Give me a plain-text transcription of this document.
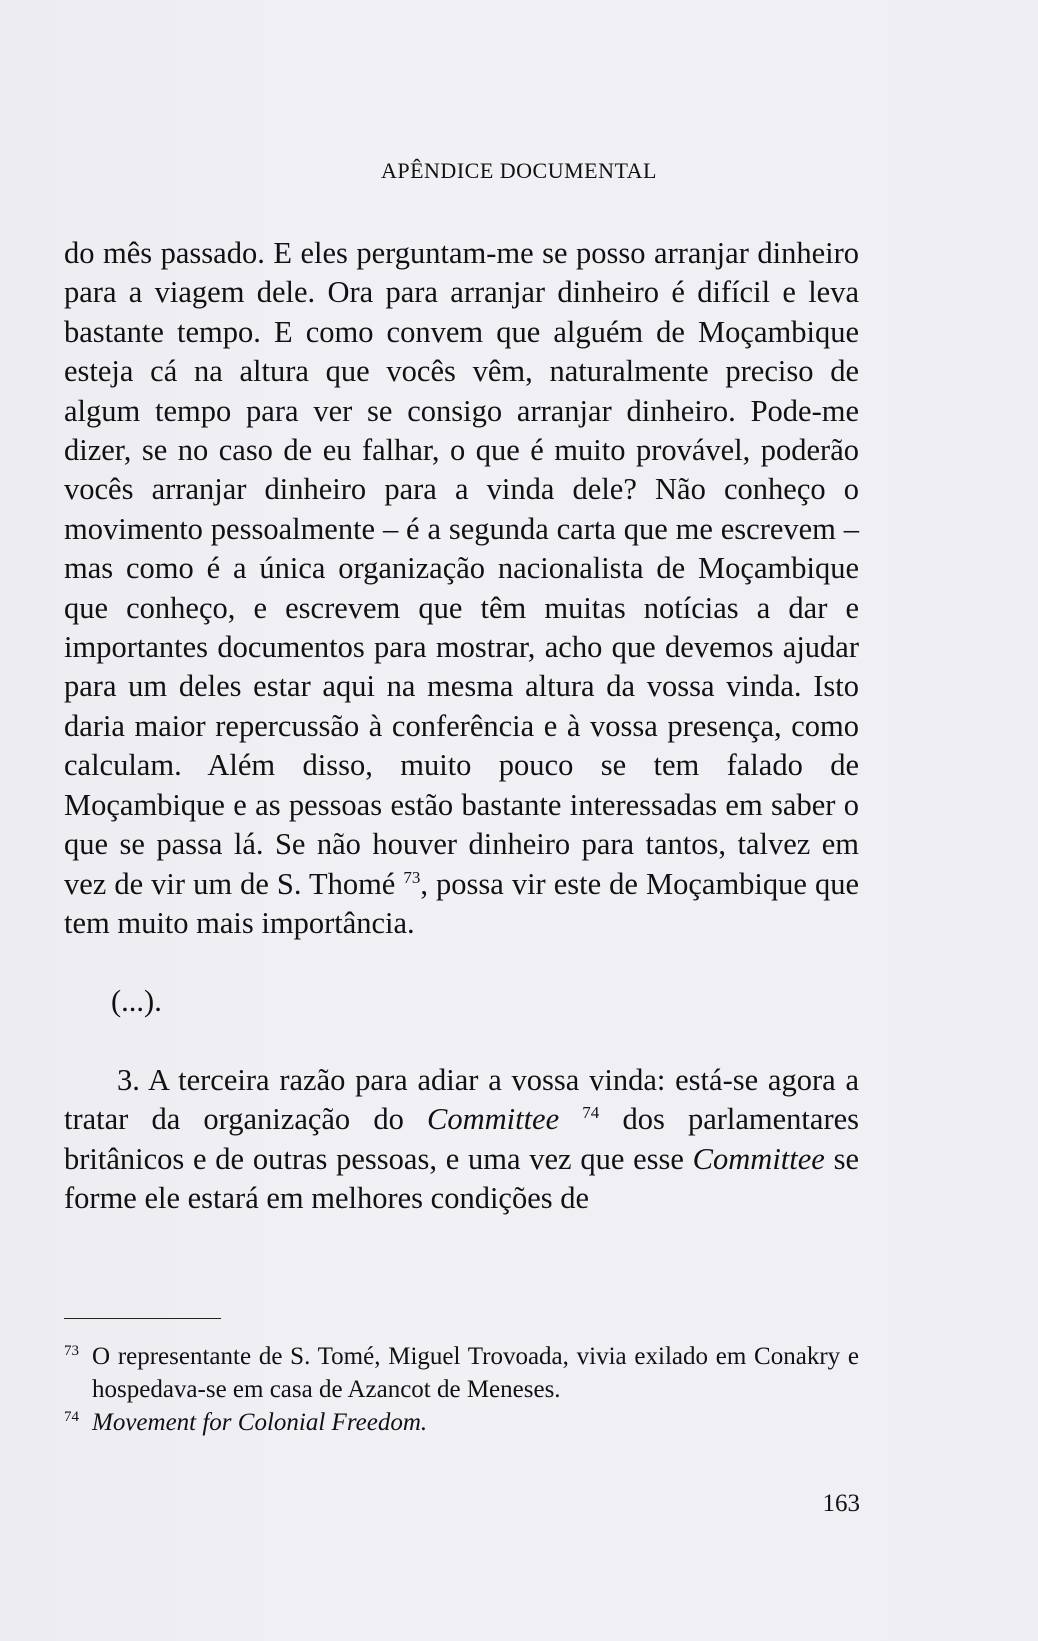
APÊNDICE DOCUMENTAL

do mês passado. E eles perguntam-me se posso arranjar dinheiro para a viagem dele. Ora para arranjar dinheiro é difícil e leva bastante tempo. E como convem que alguém de Moçambique esteja cá na altura que vocês vêm, naturalmente preciso de algum tempo para ver se consigo arranjar dinheiro. Pode-me dizer, se no caso de eu falhar, o que é muito provável, poderão vocês arranjar dinheiro para a vinda dele? Não conheço o movimento pessoalmente – é a segunda carta que me escrevem – mas como é a única organização nacionalista de Moçambique que conheço, e escrevem que têm muitas notícias a dar e importantes documentos para mostrar, acho que devemos ajudar para um deles estar aqui na mesma altura da vossa vinda. Isto daria maior repercussão à conferência e à vossa presença, como calculam. Além disso, muito pouco se tem falado de Moçambique e as pessoas estão bastante interessadas em saber o que se passa lá. Se não houver dinheiro para tantos, talvez em vez de vir um de S. Thomé $^{73}$, possa vir este de Moçambique que tem muito mais importância.

(...).

3. A terceira razão para adiar a vossa vinda: está-se agora a tratar da organização do Committee $^{74}$ dos parlamentares britânicos e de outras pessoas, e uma vez que esse Committee se forme ele estará em melhores condições de

73 O representante de S. Tomé, Miguel Trovoada, vivia exilado em Conakry e hospedava-se em casa de Azancot de Meneses.
74 Movement for Colonial Freedom.
163
